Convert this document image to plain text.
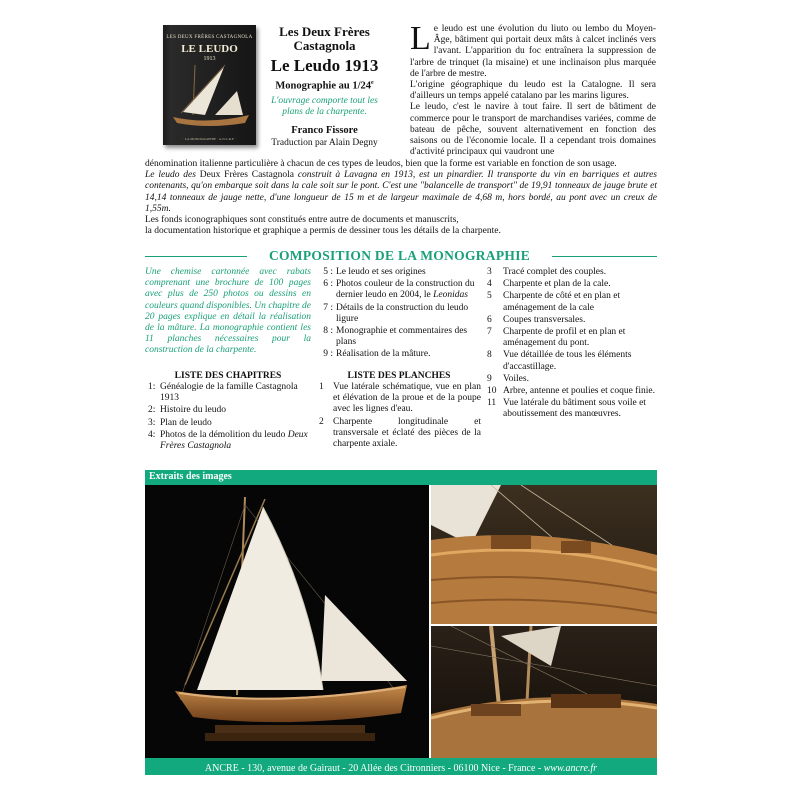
LES DEUX FRÈRES CASTAGNOLA
LE LEUDO
1913
· LA MONOGRAPHIE · A.N.C.R.E ·
Les Deux Frères
Castagnola
Le Leudo 1913
Monographie au 1/24e
L'ouvrage comporte tout les plans de la charpente.
Franco Fissore
Traduction par Alain Degny
Le leudo est une évolution du liuto ou lembo du Moyen-Âge, bâtiment qui portait deux mâts à calcet inclinés vers l'avant. L'apparition du foc entraînera la suppression de l'arbre de trinquet (la misaine) et une inclinaison plus marquée de l'arbre de mestre.
L'origine géographique du leudo est la Catalogne. Il sera d'ailleurs un temps appelé catalano par les marins ligures.
Le leudo, c'est le navire à tout faire. Il sert de bâtiment de commerce pour le transport de marchandises variées, comme de bateau de pêche, souvent alternativement en fonction des saisons ou de l'économie locale. Il a cependant trois domaines d'activité principaux qui vaudront une
dénomination italienne particulière à chacun de ces types de leudos, bien que la forme est variable en fonction de son usage.
Le leudo des Deux Frères Castagnola construit à Lavagna en 1913, est un pinardier. Il transporte du vin en barriques et autres contenants, qu'on embarque soit dans la cale soit sur le pont. C'est une "balancelle de transport" de 19,91 tonneaux de jauge brute et 14,14 tonneaux de jauge nette, d'une longueur de 15 m et de largeur maximale de 4,68 m, hors bordé, au pont avec un creux de 1,55m.
Les fonds iconographiques sont constitués entre autre de documents et manuscrits,
la documentation historique et graphique a permis de dessiner tous les détails de la charpente.
COMPOSITION DE LA MONOGRAPHIE
Une chemise cartonnée avec rabats comprenant une brochure de 100 pages avec plus de 250 photos ou dessins en couleurs quand disponibles. Un chapitre de 20 pages explique en détail la réalisation de la mâture. La monographie contient les 11 planches nécessaires pour la construction de la charpente.
LISTE DES CHAPITRES
1: Généalogie de la famille Castagnola 1913
2: Histoire du leudo
3: Plan de leudo
4: Photos de la démolition du leudo Deux Frères Castagnola
5 : Le leudo et ses origines
6 : Photos couleur de la construction du dernier leudo en 2004, le Leonidas
7 : Détails de la construction du leudo ligure
8 : Monographie et commentaires des plans
9 : Réalisation de la mâture.
LISTE DES PLANCHES
1 Vue latérale schématique, vue en plan et élévation de la proue et de la poupe avec les lignes d'eau.
2 Charpente longitudinale et transversale et éclaté des pièces de la charpente axiale.
3	Tracé complet des couples.
4	Charpente et plan de la cale.
5	Charpente de côté et en plan et aménagement de la cale
6	Coupes transversales.
7	Charpente de profil et en plan et aménagement du pont.
8	Vue détaillée de tous les éléments d'accastillage.
9	Voiles.
10 Arbre, antenne et poulies et coque finie.
11 Vue latérale du bâtiment sous voile et aboutissement des manœuvres.
Extraits des images
ANCRE - 130, avenue de Gairaut - 20 Allée des Citronniers - 06100 Nice - France - www.ancre.fr
